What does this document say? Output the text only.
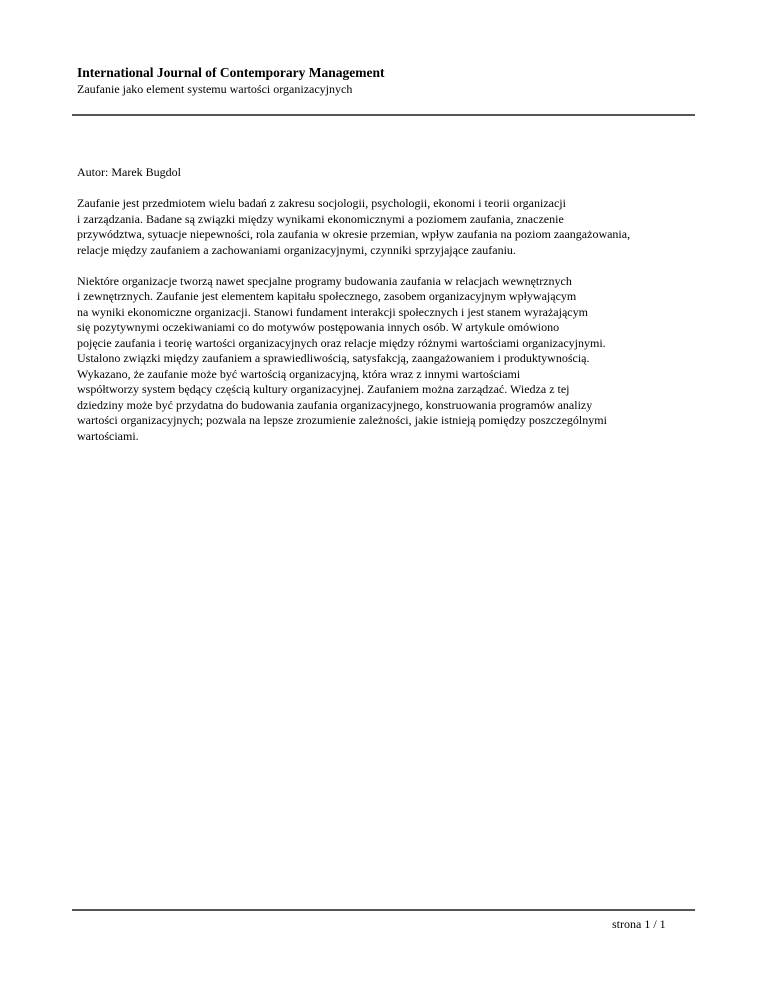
International Journal of Contemporary Management
Zaufanie jako element systemu wartości organizacyjnych

Autor: Marek Bugdol

Zaufanie jest przedmiotem wielu badań z zakresu socjologii, psychologii, ekonomi i teorii organizacji
i zarządzania. Badane są związki między wynikami ekonomicznymi a poziomem zaufania, znaczenie
przywództwa, sytuacje niepewności, rola zaufania w okresie przemian, wpływ zaufania na poziom zaangażowania,
relacje między zaufaniem a zachowaniami organizacyjnymi, czynniki sprzyjające zaufaniu.

Niektóre organizacje tworzą nawet specjalne programy budowania zaufania w relacjach wewnętrznych
i zewnętrznych. Zaufanie jest elementem kapitału społecznego, zasobem organizacyjnym wpływającym
na wyniki ekonomiczne organizacji. Stanowi fundament interakcji społecznych i jest stanem wyrażającym
się pozytywnymi oczekiwaniami co do motywów postępowania innych osób. W artykule omówiono
pojęcie zaufania i teorię wartości organizacyjnych oraz relacje między różnymi wartościami organizacyjnymi.
Ustalono związki między zaufaniem a sprawiedliwością, satysfakcją, zaangażowaniem i produktywnością.
Wykazano, że zaufanie może być wartością organizacyjną, która wraz z innymi wartościami
współtworzy system będący częścią kultury organizacyjnej. Zaufaniem można zarządzać. Wiedza z tej
dziedziny może być przydatna do budowania zaufania organizacyjnego, konstruowania programów analizy
wartości organizacyjnych; pozwala na lepsze zrozumienie zależności, jakie istnieją pomiędzy poszczególnymi
wartościami.

strona 1 / 1
